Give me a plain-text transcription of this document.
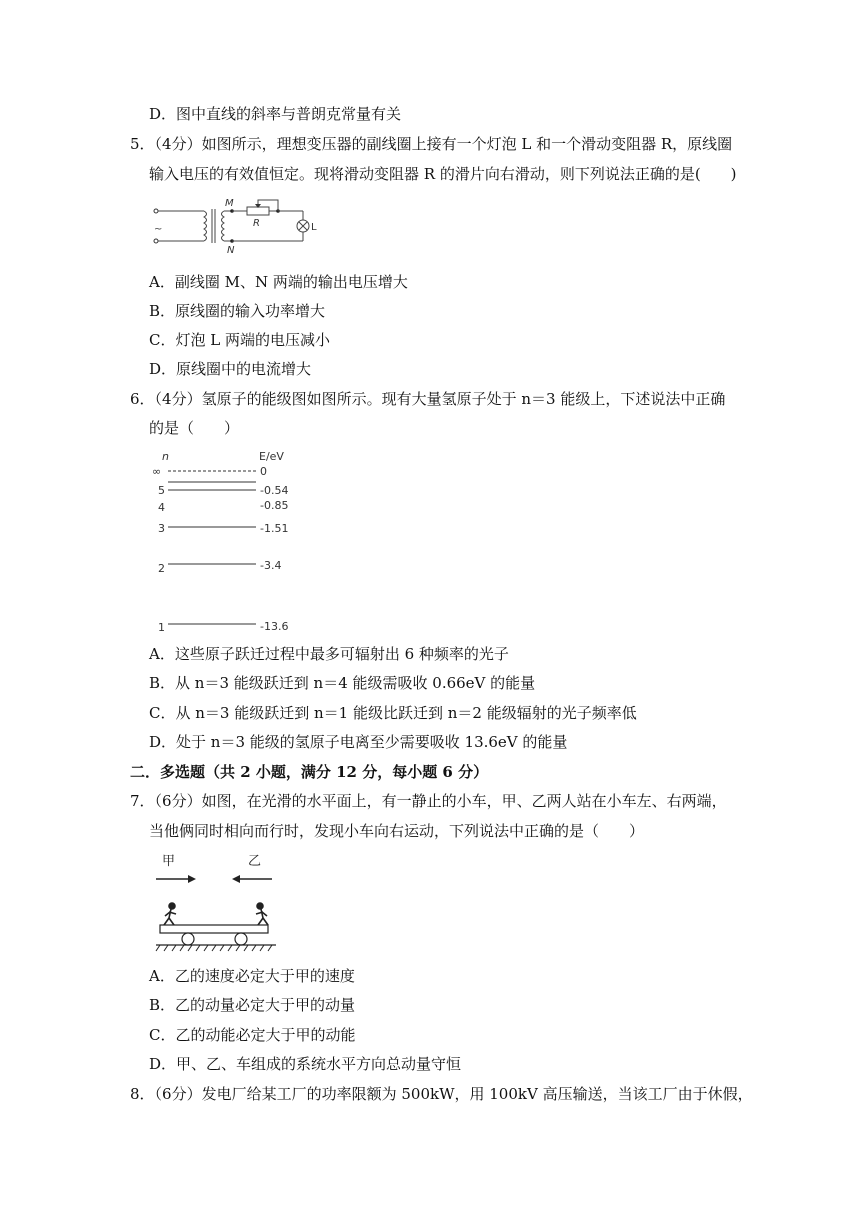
D．图中直线的斜率与普朗克常量有关
5．（4分）如图所示，理想变压器的副线圈上接有一个灯泡 L 和一个滑动变阻器 R，原线圈
输入电压的有效值恒定。现将滑动变阻器 R 的滑片向右滑动，则下列说法正确的是(　　)
~
M
N
R	L
A．副线圈 M、N 两端的输出电压增大
B．原线圈的输入功率增大
C．灯泡 L 两端的电压减小
D．原线圈中的电流增大
6．（4分）氢原子的能级图如图所示。现有大量氢原子处于 n＝3 能级上，下述说法中正确
的是（　　）
n	E/eV
∞	0
5	-0.54
4	-0.85
3	-1.51
2	-3.4
1	-13.6
A．这些原子跃迁过程中最多可辐射出 6 种频率的光子
B．从 n＝3 能级跃迁到 n＝4 能级需吸收 0.66eV 的能量
C．从 n＝3 能级跃迁到 n＝1 能级比跃迁到 n＝2 能级辐射的光子频率低
D．处于 n＝3 能级的氢原子电离至少需要吸收 13.6eV 的能量
二．多选题（共 2 小题，满分 12 分，每小题 6 分）
7．（6分）如图，在光滑的水平面上，有一静止的小车，甲、乙两人站在小车左、右两端，
当他俩同时相向而行时，发现小车向右运动，下列说法中正确的是（　　）
甲	乙
A．乙的速度必定大于甲的速度
B．乙的动量必定大于甲的动量
C．乙的动能必定大于甲的动能
D．甲、乙、车组成的系统水平方向总动量守恒
8．（6分）发电厂给某工厂的功率限额为 500kW，用 100kV 高压输送，当该工厂由于休假，
